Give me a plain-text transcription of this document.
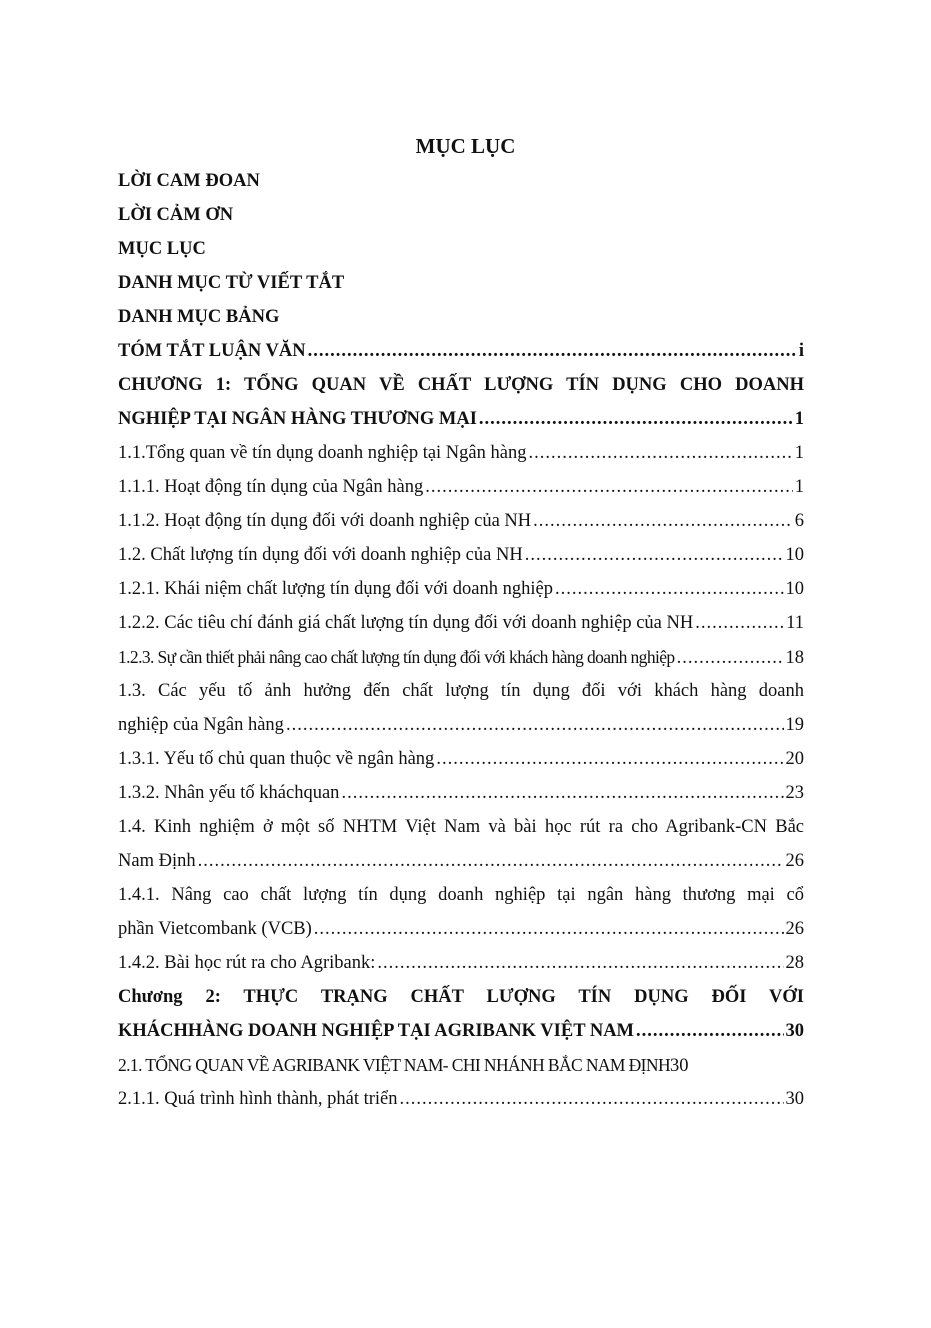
MỤC LỤC
LỜI CAM ĐOAN
LỜI CẢM ƠN
MỤC LỤC
DANH MỤC TỪ VIẾT TẮT
DANH MỤC BẢNG
TÓM TẮT LUẬN VĂN .....	i
CHƯƠNG 1: TỔNG QUAN VỀ CHẤT LƯỢNG TÍN DỤNG CHO DOANH
NGHIỆP TẠI NGÂN HÀNG THƯƠNG MẠI .....	1
1.1.Tổng quan về tín dụng doanh nghiệp tại Ngân hàng .....	1
1.1.1. Hoạt động tín dụng của Ngân hàng .....	1
1.1.2. Hoạt động tín dụng đối với doanh nghiệp của NH .....	6
1.2. Chất lượng tín dụng đối với doanh nghiệp của NH .....	10
1.2.1. Khái niệm chất lượng tín dụng đối với doanh nghiệp .....	10
1.2.2. Các tiêu chí đánh giá chất lượng tín dụng đối với doanh nghiệp của NH .....	11
1.2.3. Sự cần thiết phải nâng cao chất lượng tín dụng đối với khách hàng doanh nghiệp .....	18
1.3. Các yếu tố ảnh hưởng đến chất lượng tín dụng đối với khách hàng doanh
nghiệp của Ngân hàng .....	19
1.3.1. Yếu tố chủ quan thuộc về ngân hàng .....	20
1.3.2. Nhân yếu tố kháchquan .....	23
1.4. Kinh nghiệm ở một số NHTM Việt Nam và bài học rút ra cho Agribank-CN Bắc
Nam Định .....	26
1.4.1. Nâng cao chất lượng tín dụng doanh nghiệp tại ngân hàng thương mại cổ
phần Vietcombank (VCB) .....	26
1.4.2. Bài học rút ra cho Agribank: .....	28
Chương 2: THỰC TRẠNG CHẤT LƯỢNG TÍN DỤNG ĐỐI VỚI
KHÁCHHÀNG DOANH NGHIỆP TẠI AGRIBANK VIỆT NAM .....	30
2.1. TỔNG QUAN VỀ AGRIBANK VIỆT NAM- CHI NHÁNH BẮC NAM ĐỊNH 30
2.1.1. Quá trình hình thành, phát triển .....	30
